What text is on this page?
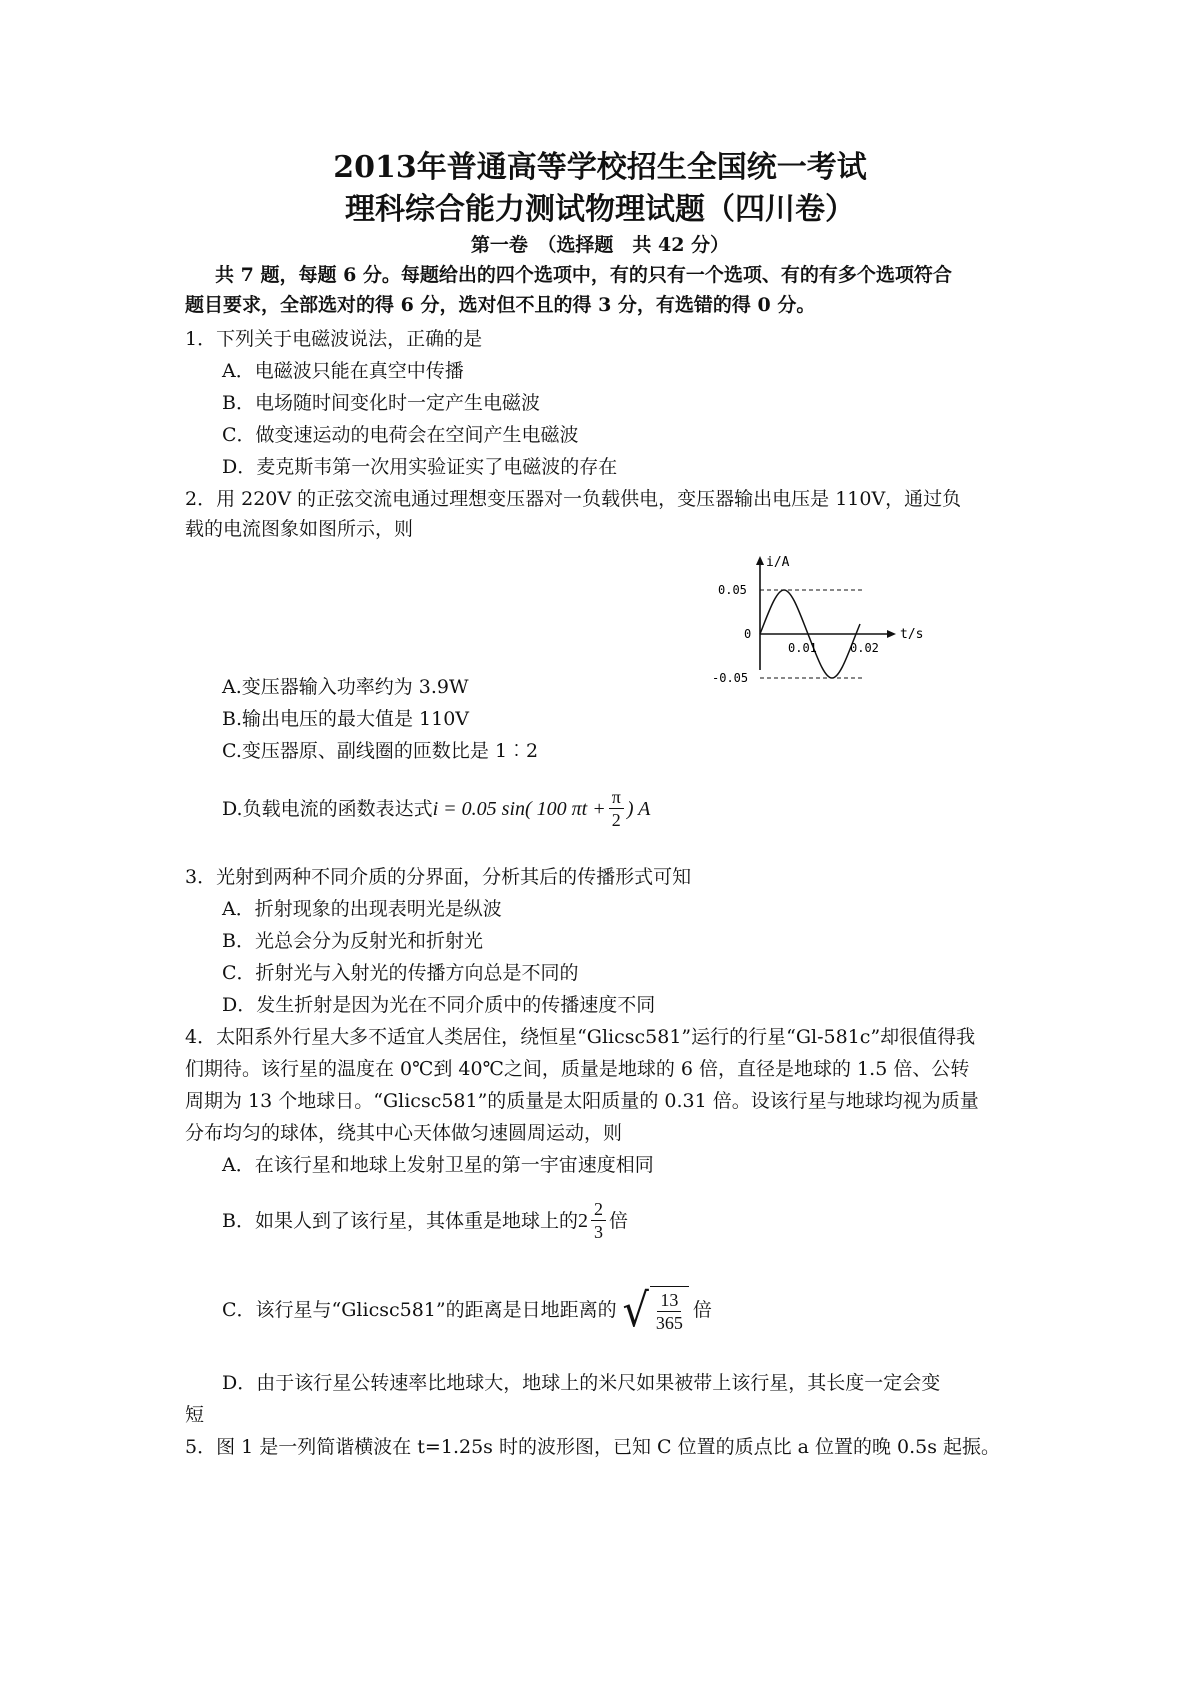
2013年普通高等学校招生全国统一考试
理科综合能力测试物理试题（四川卷）
第一卷　（选择题　共 42 分）
共 7 题，每题 6 分。每题给出的四个选项中，有的只有一个选项、有的有多个选项符合
题目要求，全部选对的得 6 分，选对但不且的得 3 分，有选错的得 0 分。
1．下列关于电磁波说法，正确的是
A．电磁波只能在真空中传播
B．电场随时间变化时一定产生电磁波
C．做变速运动的电荷会在空间产生电磁波
D．麦克斯韦第一次用实验证实了电磁波的存在
2．用 220V 的正弦交流电通过理想变压器对一负载供电，变压器输出电压是 110V，通过负
载的电流图象如图所示，则
i/A
t/s
0.05
0
-0.05
0.01	0.02
A.变压器输入功率约为 3.9W
B.输出电压的最大值是 110V
C.变压器原、副线圈的匝数比是 1︰2
D.负载电流的函数表达式 i = 0.05 sin( 100 $\pi t + \frac{\pi}{2}$ ) A
3．光射到两种不同介质的分界面，分析其后的传播形式可知
A．折射现象的出现表明光是纵波
B．光总会分为反射光和折射光
C．折射光与入射光的传播方向总是不同的
D．发生折射是因为光在不同介质中的传播速度不同
4．太阳系外行星大多不适宜人类居住，绕恒星“Glicsc581”运行的行星“Gl-581c”却很值得我
们期待。该行星的温度在 0℃到 40℃之间，质量是地球的 6 倍，直径是地球的 1.5 倍、公转
周期为 13 个地球日。“Glicsc581”的质量是太阳质量的 0.31 倍。设该行星与地球均视为质量
分布均匀的球体，绕其中心天体做匀速圆周运动，则
A．在该行星和地球上发射卫星的第一宇宙速度相同
B．如果人到了该行星，其体重是地球上的 $2 \frac{2}{3}$ 倍
C．该行星与“Glicsc581”的距离是日地距离的 √ $\frac{13}{365}$ 倍
D．由于该行星公转速率比地球大，地球上的米尺如果被带上该行星，其长度一定会变
短
5．图 1 是一列简谐横波在 t=1.25s 时的波形图，已知 C 位置的质点比 a 位置的晚 0.5s 起振。
